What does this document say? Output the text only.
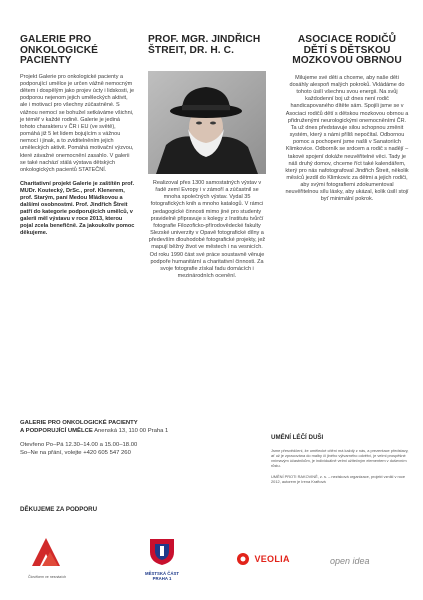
GALERIE PRO ONKOLOGICKÉ PACIENTY

Projekt Galerie pro onkologické pacienty a podporující umělce je určen vážně nemocným dětem i dospělým jako projev úcty i lidskosti, je podporou nejenom jejich uměleckých aktivit, ale i motivací pro všechny zúčastněné. S vážnou nemocí se bohužel setkáváme všichni, je téměř v každé rodině. Galerie je jediná tohoto charakteru v ČR i EU (ve světě), pomáhá již 5 let lidem bojujícím s vážnou nemocí i jinak, a to zviditelněním jejich uměleckých aktivit. Pomáhá motivační výzvou, které závažné onemocnění zasahlo. V galerii se také nachází stálá výstava dětských onkologických pacientů STATEČNÍ.

Charitativní projekt Galerie je zaštítěn prof. MUDr. Koutecký, DrSc., prof. Klenerem, prof. Starým, paní Medou Mládkovou a dalšími osobnostmi. Prof. Jindřich Štreit patří do kategorie podporujících umělců, v galerii měl výstavu v roce 2013, kterou pojal zcela benefičně. Za jakoukoliv pomoc děkujeme.
PROF. MGR. JINDŘICH ŠTREIT, DR. H. C.
Realizoval přes 1300 samostatných výstav v řadě zemí Evropy i v zámoří a zúčastnil se mnoha společných výstav. Vydal 35 fotografických knih a mnoho katalogů. V rámci pedagogické činnosti mimo jiné pro studenty pravidelně připravuje s kolegy z Institutu tvůrčí fotografie Filozoficko-přírodovědecké fakulty Slezské univerzity v Opavě fotografické dílny a především dlouhodobé fotografické projekty, jež mapují běžný život ve městech i na vesnicích. Od roku 1990 část své práce soustavně věnuje podpoře humanitární a charitativní činnosti. Za svoje fotografie získal řadu domácích i mezinárodních ocenění.
ASOCIACE RODIČŮ DĚTÍ S DĚTSKOU MOZKOVOU OBRNOU
Milujeme své děti a chceme, aby naše děti dosáhly alespoň malých pokroků. Vkládáme do tohoto úsilí všechnu svou energii. Na svůj každodenní boj už dnes není rodič handicapovaného dítěte sám. Spojili jsme se v Asociaci rodičů dětí s dětskou mozkovou obrnou a přidruženými neurologickými onemocněními ČR. Ta už dnes představuje silou schopnou změnit systém, který s námi příliš nepočítal. Odbornou pomoc a pochopení jsme našli v Sanatoriích Klimkovice. Odborník se srdcem a rodič s nadějí – takové spojení dokáže neuvěřitelné věci. Tady je náš druhý domov, chceme říct také kalendářem, který pro nás nafotografoval Jindřich Štreit, několik měsíců jezdil do Klimkovic za dětmi a jejich rodiči, aby svými fotografiemi zdokumentoval neuvěřitelnou sílu lásky, aby ukázal, kolik úsilí stojí byť minimální pokrok.
GALERIE PRO ONKOLOGICKÉ PACIENTY
A PODPORUJÍCÍ UMĚLCE Anenská 13, 110 00 Praha 1
Otevřeno Po–Pá 12.30–14.00 a 15.00–18.00
So–Ne na přání, volejte +420 605 547 260
UMĚNÍ LÉČÍ DUŠI
Jsme přesvědčeni, že umělecké cítění má každý z nás, a prezentace představy, ať už je zpracována do malby či jiného výtvarného odvětví, je velmi prospěšné vnímavým účastníkům, je individuálně velmi užitečným elementem v duševním růstu.
UMĚNÍ PROTI RAKOVINĚ, z. s. – nezisková organizace, projekt vznikl v roce 2012, autorem je Irena Kraftová
DĚKUJEME ZA PODPORU
Člověkem ve nesnázích
MĚSTSKÁ ČÁST
PRAHA 1
VEOLIA	open idea
